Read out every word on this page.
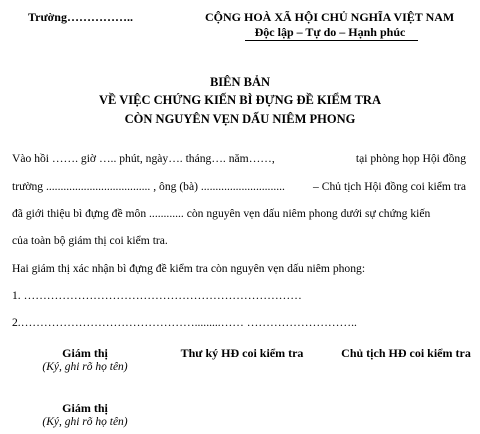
Trường……………..	CỘNG HOÀ XÃ HỘI CHỦ NGHĨA VIỆT NAM
Độc lập – Tự do – Hạnh phúc
BIÊN BẢN
VỀ VIỆC CHỨNG KIẾN BÌ ĐỰNG ĐỀ KIỂM TRA
CÒN NGUYÊN VẸN DẤU NIÊM PHONG
Vào hồi ……. giờ ….. phút, ngày…. tháng…. năm……,	tại phòng họp Hội đồng
trường .................................... , ông (bà) ............................. – Chủ tịch Hội đồng coi kiểm tra
đã giới thiệu bì đựng đề môn ............ còn nguyên vẹn dấu niêm phong dưới sự chứng kiến
của toàn bộ giám thị coi kiểm tra.
Hai giám thị xác nhận bì đựng đề kiểm tra còn nguyên vẹn dấu niêm phong:
1. ………………………………………………………………
2.……………………………………….........…… ………………………..
Giám thị
(Ký, ghi rõ họ tên)
Thư ký HĐ coi kiểm tra	Chủ tịch HĐ coi kiểm tra
Giám thị
(Ký, ghi rõ họ tên)
